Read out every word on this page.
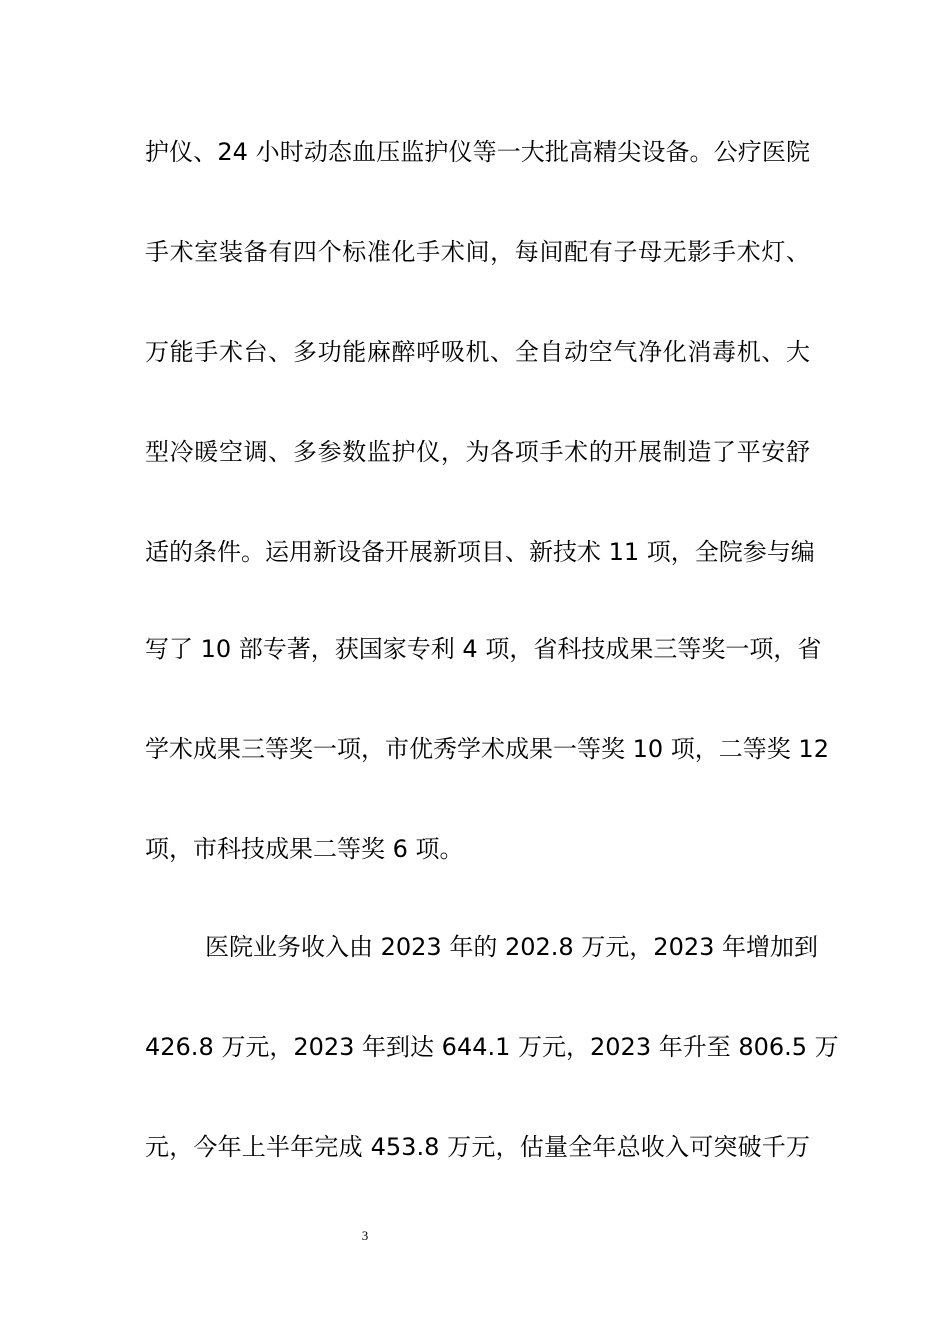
护仪、24 小时动态血压监护仪等一大批高精尖设备。公疗医院
手术室装备有四个标准化手术间，每间配有子母无影手术灯、
万能手术台、多功能麻醉呼吸机、全自动空气净化消毒机、大
型冷暖空调、多参数监护仪，为各项手术的开展制造了平安舒
适的条件。运用新设备开展新项目、新技术 11 项，全院参与编
写了 10 部专著，获国家专利 4 项，省科技成果三等奖一项，省
学术成果三等奖一项，市优秀学术成果一等奖 10 项，二等奖 12
项，市科技成果二等奖 6 项。
医院业务收入由 2023 年的 202.8 万元，2023 年增加到
426.8 万元，2023 年到达 644.1 万元，2023 年升至 806.5 万
元，今年上半年完成 453.8 万元，估量全年总收入可突破千万
3
